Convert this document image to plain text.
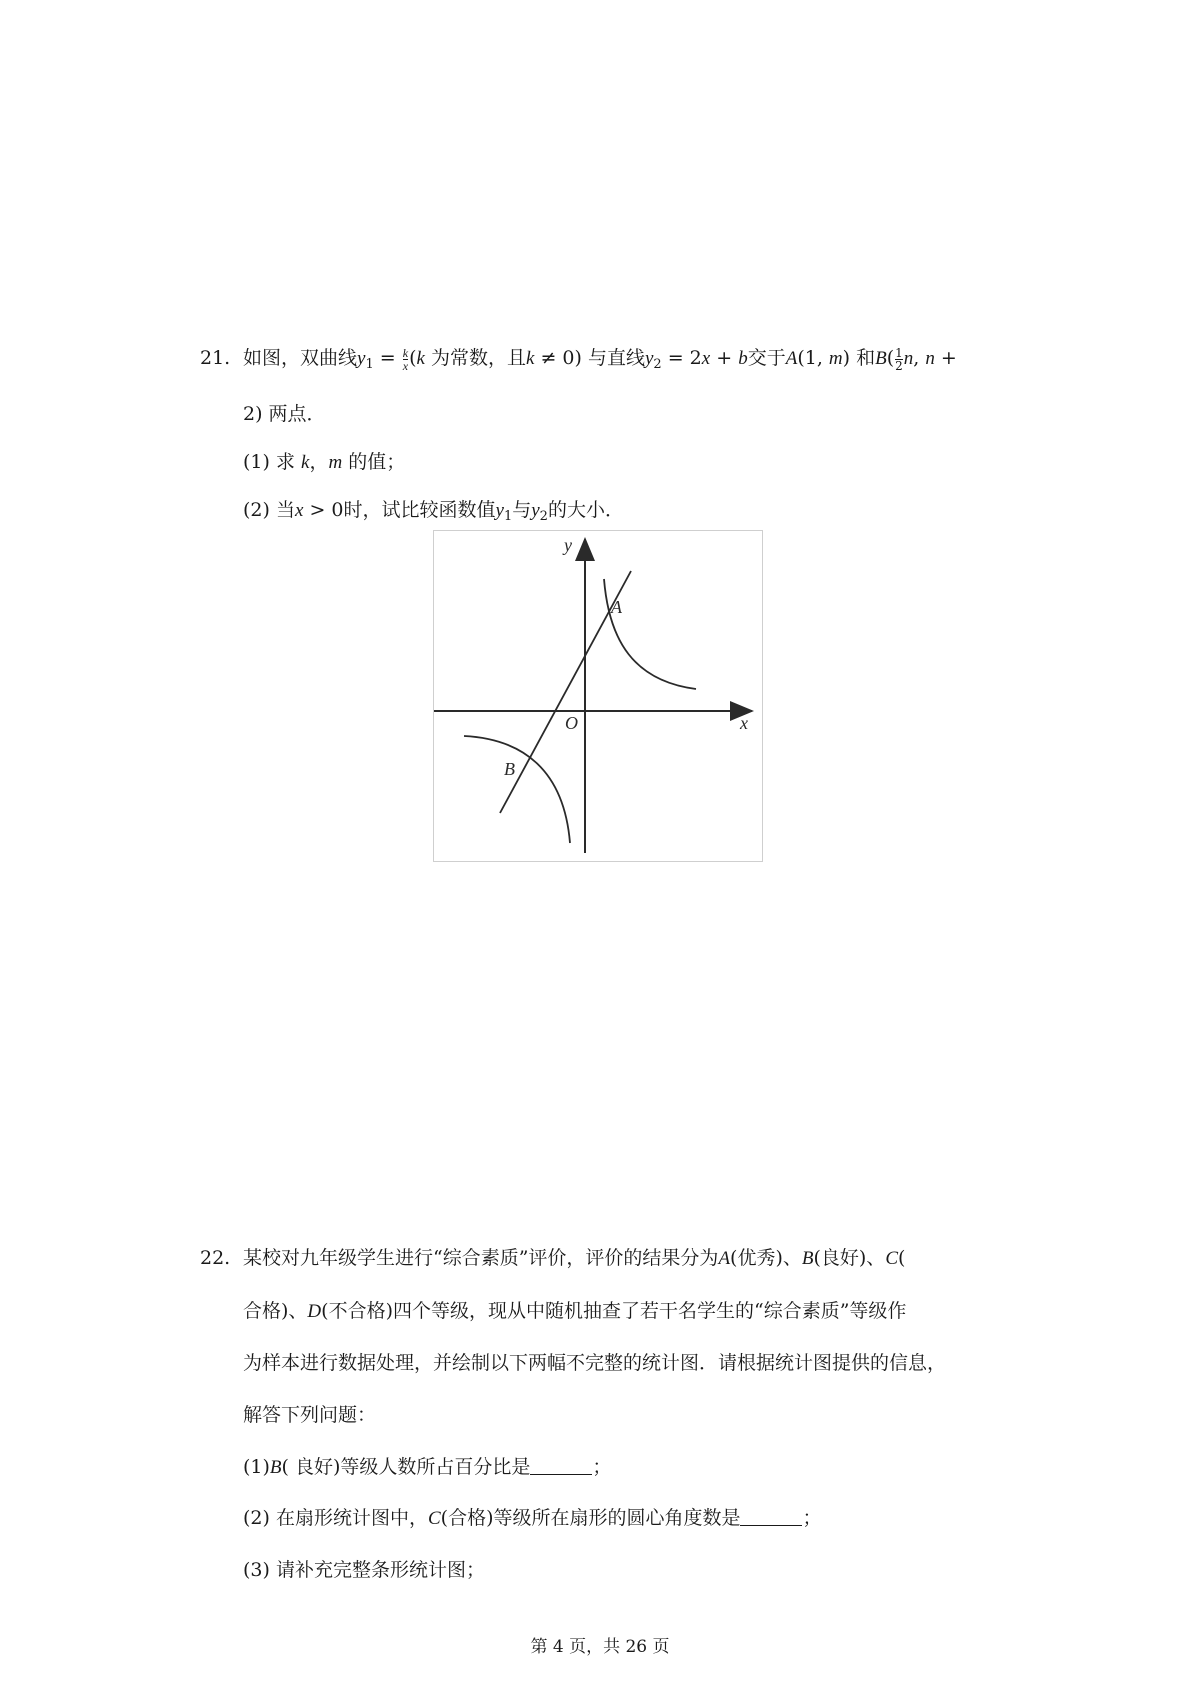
21. 如图，双曲线$y_1 = \frac{k}{x} (k$ 为常数，且k ≠ 0) 与直线$y_2 = 2x + b$交于A(1, m) 和$B( \frac{1}{2} n$, n +
2) 两点．
(1) 求 k，m 的值；
(2) 当x > 0时，试比较函数值$y_1$与$y_2$的大小．
y
x
O
A
B
22. 某校对九年级学生进行“综合素质”评价，评价的结果分为A(优秀)、B(良好)、C(
合格)、D(不合格)四个等级，现从中随机抽查了若干名学生的“综合素质”等级作
为样本进行数据处理，并绘制以下两幅不完整的统计图．请根据统计图提供的信息，
解答下列问题：
(1)B( 良好)等级人数所占百分比是	；
(2) 在扇形统计图中，C(合格)等级所在扇形的圆心角度数是	；
(3) 请补充完整条形统计图；
第 4 页，共 26 页
